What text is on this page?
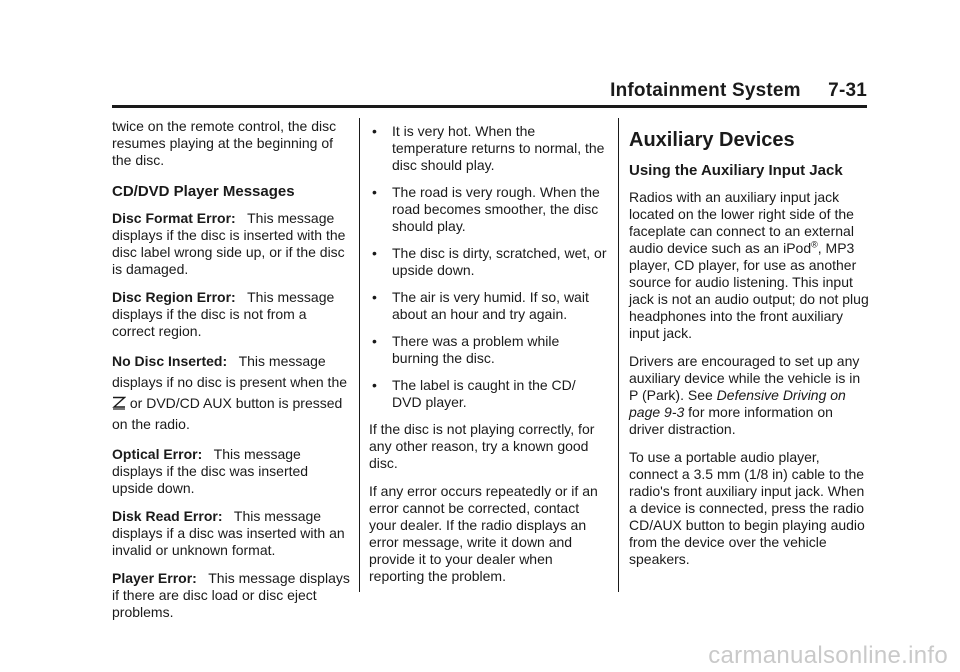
Infotainment System 7-31

twice on the remote control, the disc resumes playing at the beginning of the disc.

CD/DVD Player Messages

Disc Format Error: This message displays if the disc is inserted with the disc label wrong side up, or if the disc is damaged.

Disc Region Error: This message displays if the disc is not from a correct region.

No Disc Inserted: This message displays if no disc is present when the  or DVD/CD AUX button is pressed on the radio.

Optical Error: This message displays if the disc was inserted upside down.

Disk Read Error: This message displays if a disc was inserted with an invalid or unknown format.

Player Error: This message displays if there are disc load or disc eject problems.

• It is very hot. When the temperature returns to normal, the disc should play.
• The road is very rough. When the road becomes smoother, the disc should play.
• The disc is dirty, scratched, wet, or upside down.
• The air is very humid. If so, wait about an hour and try again.
• There was a problem while burning the disc.
• The label is caught in the CD/ DVD player.

If the disc is not playing correctly, for any other reason, try a known good disc.

If any error occurs repeatedly or if an error cannot be corrected, contact your dealer. If the radio displays an error message, write it down and provide it to your dealer when reporting the problem.

Auxiliary Devices
Using the Auxiliary Input Jack

Radios with an auxiliary input jack located on the lower right side of the faceplate can connect to an external audio device such as an iPod®, MP3 player, CD player, for use as another source for audio listening. This input jack is not an audio output; do not plug headphones into the front auxiliary input jack.

Drivers are encouraged to set up any auxiliary device while the vehicle is in P (Park). See Defensive Driving on page 9-3 for more information on driver distraction.

To use a portable audio player, connect a 3.5 mm (1/8 in) cable to the radio's front auxiliary input jack. When a device is connected, press the radio CD/AUX button to begin playing audio from the device over the vehicle speakers.

carmanualsonline.info
